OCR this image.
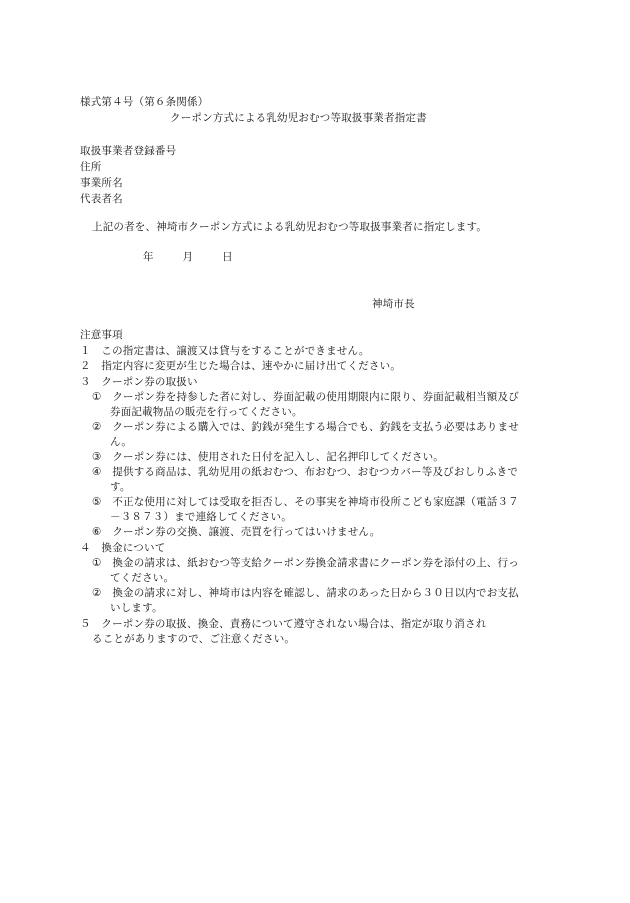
様式第４号（第６条関係）
クーポン方式による乳幼児おむつ等取扱事業者指定書
取扱事業者登録番号
住所
事業所名
代表者名
上記の者を、神埼市クーポン方式による乳幼児おむつ等取扱事業者に指定します。
年	月	日
神埼市長
注意事項
１　この指定書は、譲渡又は貸与をすることができません。
２　指定内容に変更が生じた場合は、速やかに届け出てください。
３　クーポン券の取扱い
①　クーポン券を持参した者に対し、券面記載の使用期限内に限り、券面記載相当額及び
券面記載物品の販売を行ってください。
②　クーポン券による購入では、釣銭が発生する場合でも、釣銭を支払う必要はありませ
ん。
③　クーポン券には、使用された日付を記入し、記名押印してください。
④　提供する商品は、乳幼児用の紙おむつ、布おむつ、おむつカバー等及びおしりふきで
す。
⑤　不正な使用に対しては受取を拒否し、その事実を神埼市役所こども家庭課（電話３７
－３８７３）まで連絡してください。
⑥　クーポン券の交換、譲渡、売買を行ってはいけません。
４　換金について
①　換金の請求は、紙おむつ等支給クーポン券換金請求書にクーポン券を添付の上、行っ
てください。
②　換金の請求に対し、神埼市は内容を確認し、請求のあった日から３０日以内でお支払
いします。
５　クーポン券の取扱、換金、責務について遵守されない場合は、指定が取り消され
ることがありますので、ご注意ください。
